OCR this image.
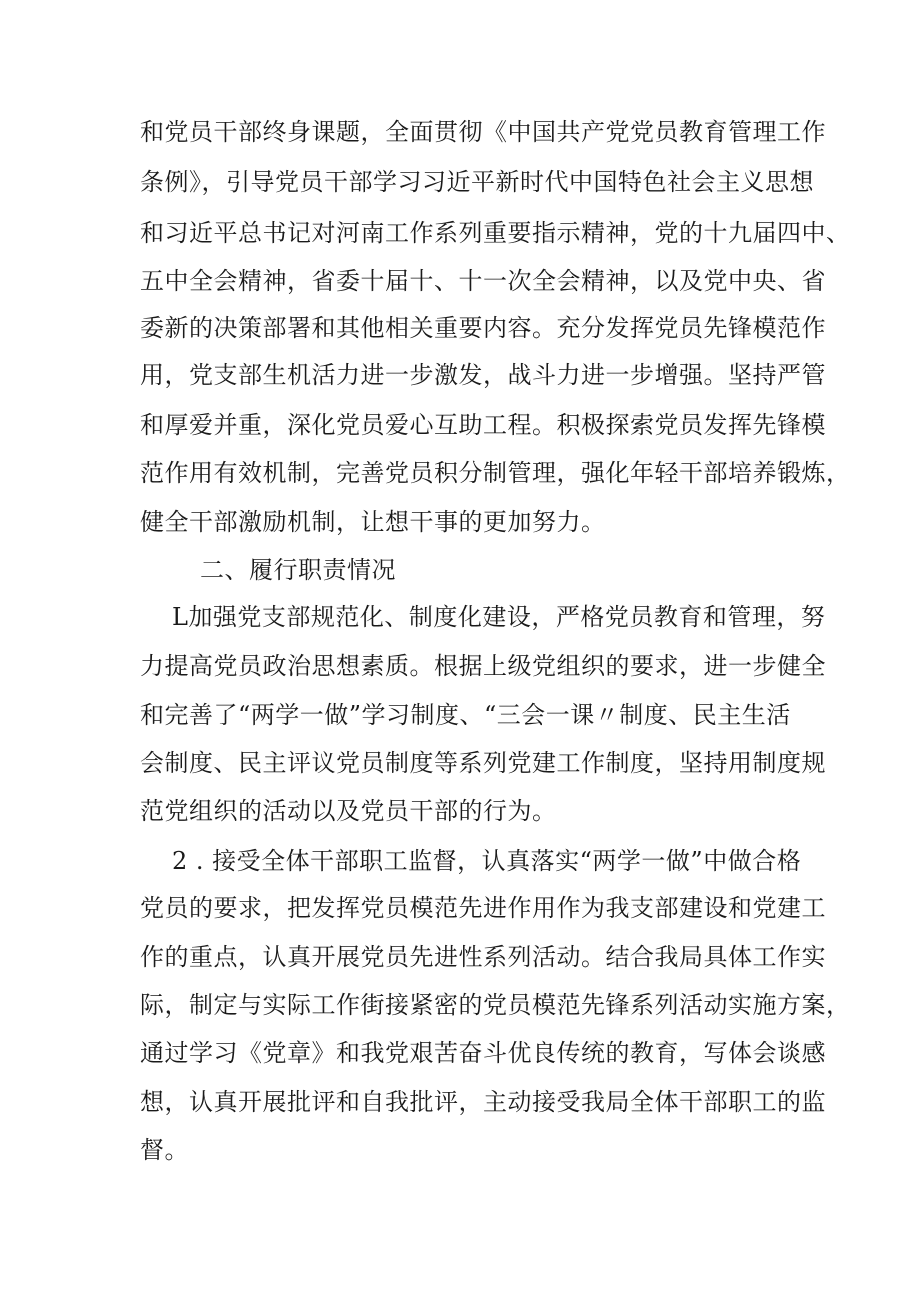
和党员干部终身课题，全面贯彻《中国共产党党员教育管理工作
条例》，引导党员干部学习习近平新时代中国特色社会主义思想
和习近平总书记对河南工作系列重要指示精神，党的十九届四中、
五中全会精神，省委十届十、十一次全会精神，以及党中央、省
委新的决策部署和其他相关重要内容。充分发挥党员先锋模范作
用，党支部生机活力进一步激发，战斗力进一步增强。坚持严管
和厚爱并重，深化党员爱心互助工程。积极探索党员发挥先锋模
范作用有效机制，完善党员积分制管理，强化年轻干部培养锻炼，
健全干部激励机制，让想干事的更加努力。
二、履行职责情况
L加强党支部规范化、制度化建设，严格党员教育和管理，努
力提高党员政治思想素质。根据上级党组织的要求，进一步健全
和完善了“两学一做”学习制度、“三会一课〃制度、民主生活
会制度、民主评议党员制度等系列党建工作制度，坚持用制度规
范党组织的活动以及党员干部的行为。
2 . 接受全体干部职工监督，认真落实“两学一做”中做合格
党员的要求，把发挥党员模范先进作用作为我支部建设和党建工
作的重点，认真开展党员先进性系列活动。结合我局具体工作实
际，制定与实际工作街接紧密的党员模范先锋系列活动实施方案，
通过学习《党章》和我党艰苦奋斗优良传统的教育，写体会谈感
想，认真开展批评和自我批评，主动接受我局全体干部职工的监
督。
